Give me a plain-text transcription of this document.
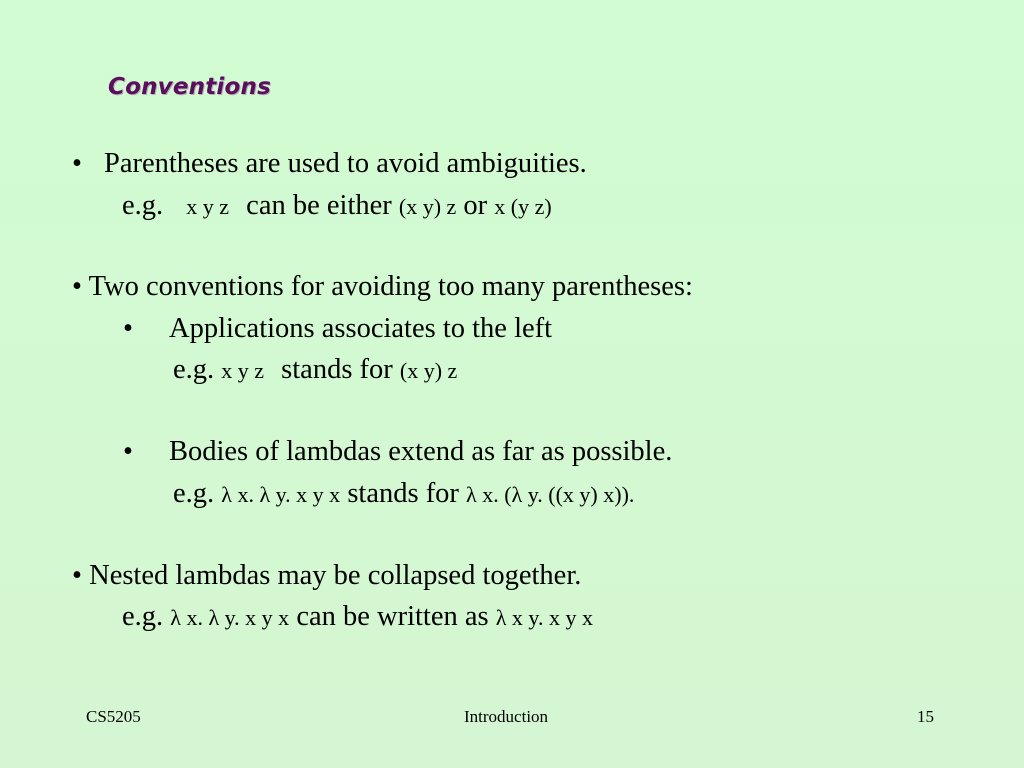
Conventions
• Parentheses are used to avoid ambiguities.
e.g. x y z can be either (x y) z or x (y z)
• Two conventions for avoiding too many parentheses:
• Applications associates to the left
e.g. x y z stands for (x y) z
• Bodies of lambdas extend as far as possible.
e.g. λ x. λ y. x y x stands for λ x. (λ y. ((x y) x)).
• Nested lambdas may be collapsed together.
e.g. λ x. λ y. x y x can be written as λ x y. x y x
CS5205	Introduction	15
